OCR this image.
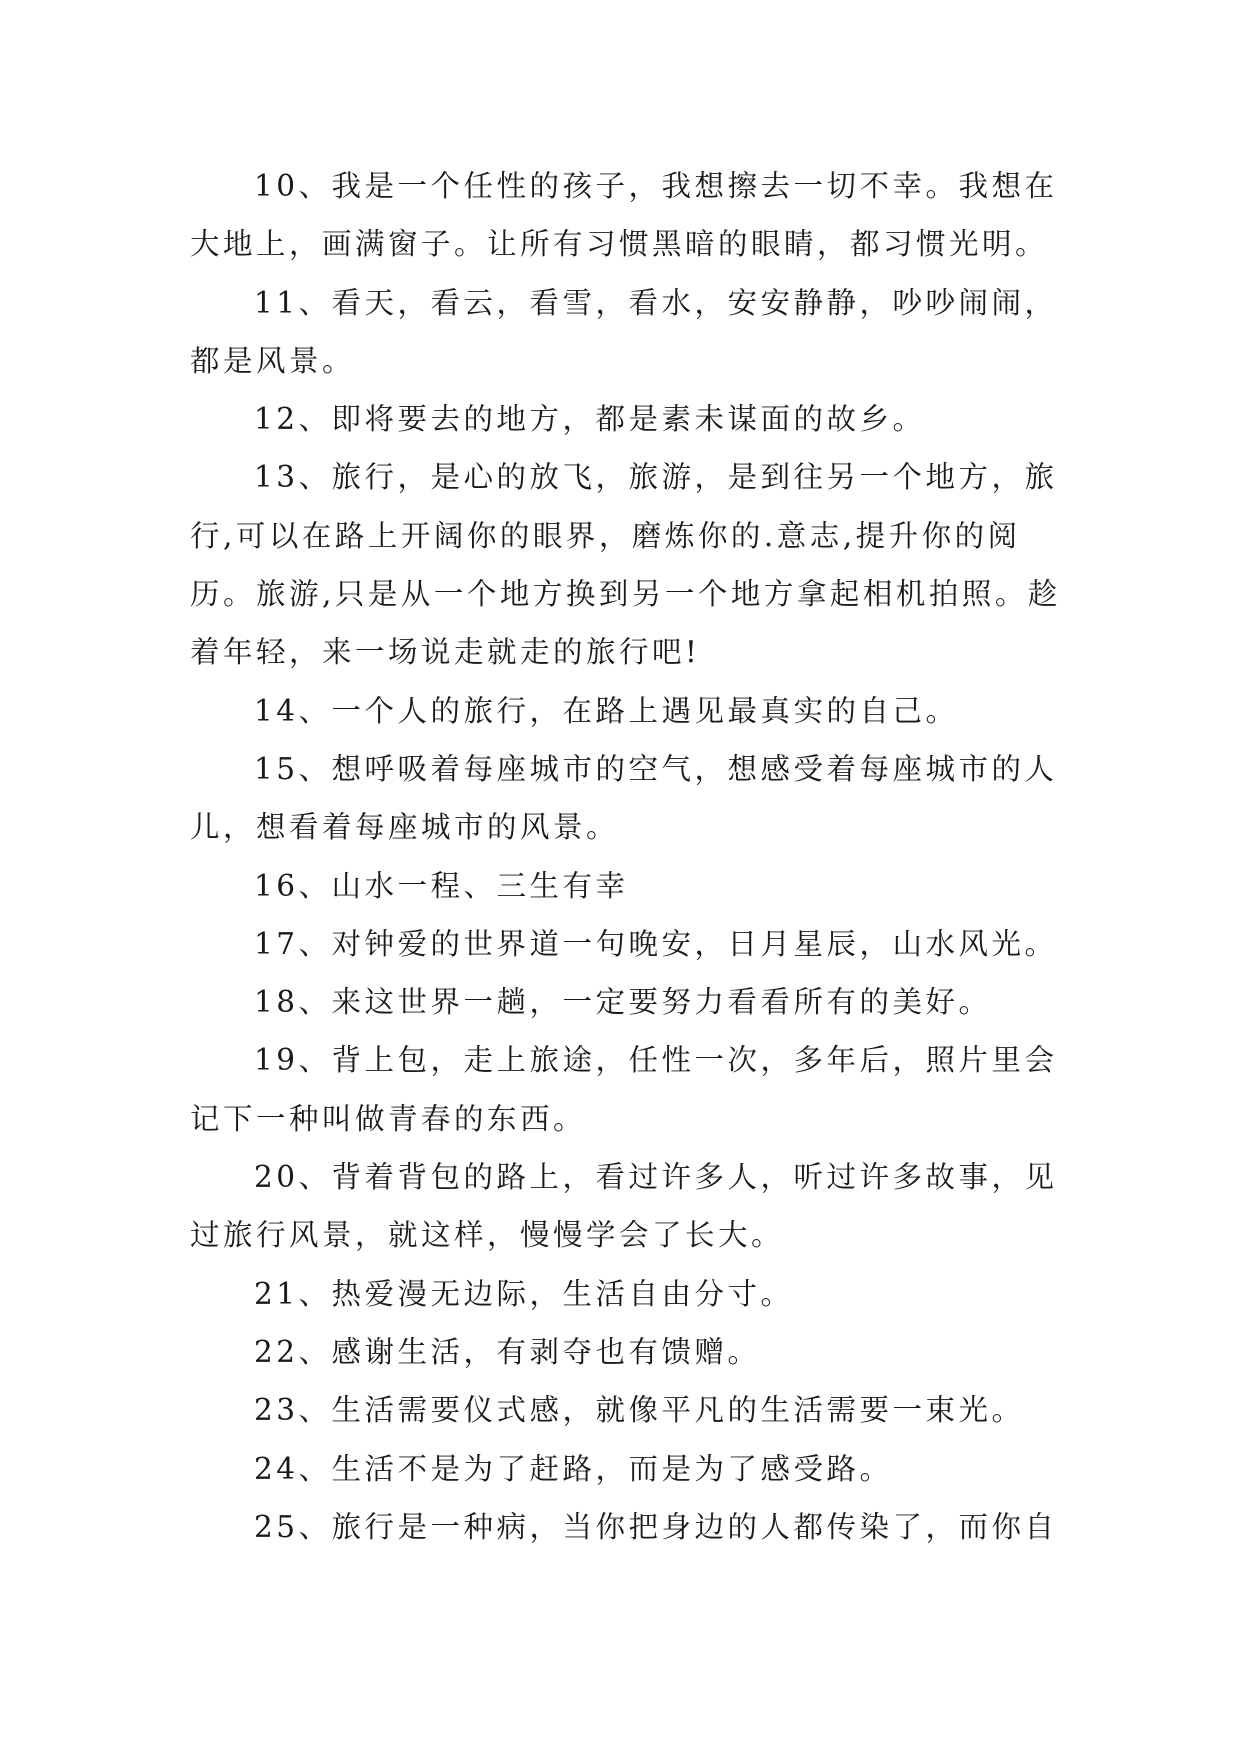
10、我是一个任性的孩子，我想擦去一切不幸。我想在大地上，画满窗子。让所有习惯黑暗的眼睛，都习惯光明。

11、看天，看云，看雪，看水，安安静静，吵吵闹闹，都是风景。

12、即将要去的地方，都是素未谋面的故乡。

13、旅行，是心的放飞，旅游，是到往另一个地方，旅行,可以在路上开阔你的眼界，磨炼你的.意志,提升你的阅历。旅游,只是从一个地方换到另一个地方拿起相机拍照。趁着年轻，来一场说走就走的旅行吧!

14、一个人的旅行，在路上遇见最真实的自己。

15、想呼吸着每座城市的空气，想感受着每座城市的人儿，想看着每座城市的风景。

16、山水一程、三生有幸

17、对钟爱的世界道一句晚安，日月星辰，山水风光。

18、来这世界一趟，一定要努力看看所有的美好。

19、背上包，走上旅途，任性一次，多年后，照片里会记下一种叫做青春的东西。

20、背着背包的路上，看过许多人，听过许多故事，见过旅行风景，就这样，慢慢学会了长大。

21、热爱漫无边际，生活自由分寸。

22、感谢生活，有剥夺也有馈赠。

23、生活需要仪式感，就像平凡的生活需要一束光。

24、生活不是为了赶路，而是为了感受路。

25、旅行是一种病，当你把身边的人都传染了，而你自
